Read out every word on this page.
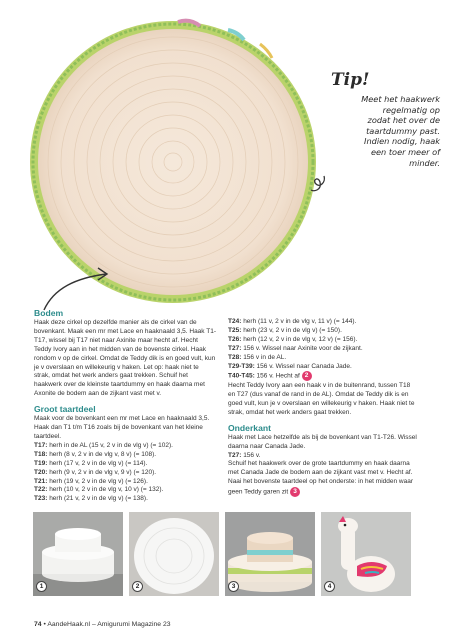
Tip!
Meet het haakwerk
regelmatig op
zodat het over de
taartdummy past.
Indien nodig, haak
een toer meer of
minder.
Bodem

Haak deze cirkel op dezelfde manier als de cirkel van de bovenkant. Maak een mr met Lace en haaknaald 3,5. Haak T1-T17, wissel bij T17 niet naar Axinite maar hecht af. Hecht Teddy Ivory aan in het midden van de bovenste cirkel. Haak rondom v op de cirkel. Omdat de Teddy dik is en goed vult, kun je v overslaan en willekeurig v haken. Let op: haak niet te strak, omdat het werk anders gaat trekken. Schuif het haakwerk over de kleinste taartdummy en haak daarna met Axonite de bodem aan de zijkant vast met v.

Groot taartdeel

Maak voor de bovenkant een mr met Lace en haaknaald 3,5. Haak dan T1 t/m T16 zoals bij de bovenkant van het kleine taartdeel.

T17: herh in de AL (15 v, 2 v in de vlg v) (= 102).

T18: herh (8 v, 2 v in de vlg v, 8 v) (= 108).

T19: herh (17 v, 2 v in de vlg v) (= 114).

T20: herh (9 v, 2 v in de vlg v, 9 v) (= 120).

T21: herh (19 v, 2 v in de vlg v) (= 126).

T22: herh (10 v, 2 v in de vlg v, 10 v) (= 132).

T23: herh (21 v, 2 v in de vlg v) (= 138).

T24: herh (11 v, 2 v in de vlg v, 11 v) (= 144).

T25: herh (23 v, 2 v in de vlg v) (= 150).

T26: herh (12 v, 2 v in de vlg v, 12 v) (= 156).

T27: 156 v. Wissel naar Axinite voor de zijkant.

T28: 156 v in de AL.

T29-T39: 156 v. Wissel naar Canada Jade.

T40-T45: 156 v. Hecht af 2

Hecht Teddy Ivory aan een haak v in de buitenrand, tussen T18 en T27 (dus vanaf de rand in de AL). Omdat de Teddy dik is en goed vult, kun je v overslaan en willekeurig v haken. Haak niet te strak, omdat het werk anders gaat trekken.

Onderkant

Haak met Lace hetzelfde als bij de bovenkant van T1-T26. Wissel daarna naar Canada Jade.

T27: 156 v.

Schuif het haakwerk over de grote taartdummy en haak daarna met Canada Jade de bodem aan de zijkant vast met v. Hecht af.

Naai het bovenste taartdeel op het onderste: in het midden waar geen Teddy garen zit 3

1	2	3	4
74 • AandeHaak.nl – Amigurumi Magazine 23
